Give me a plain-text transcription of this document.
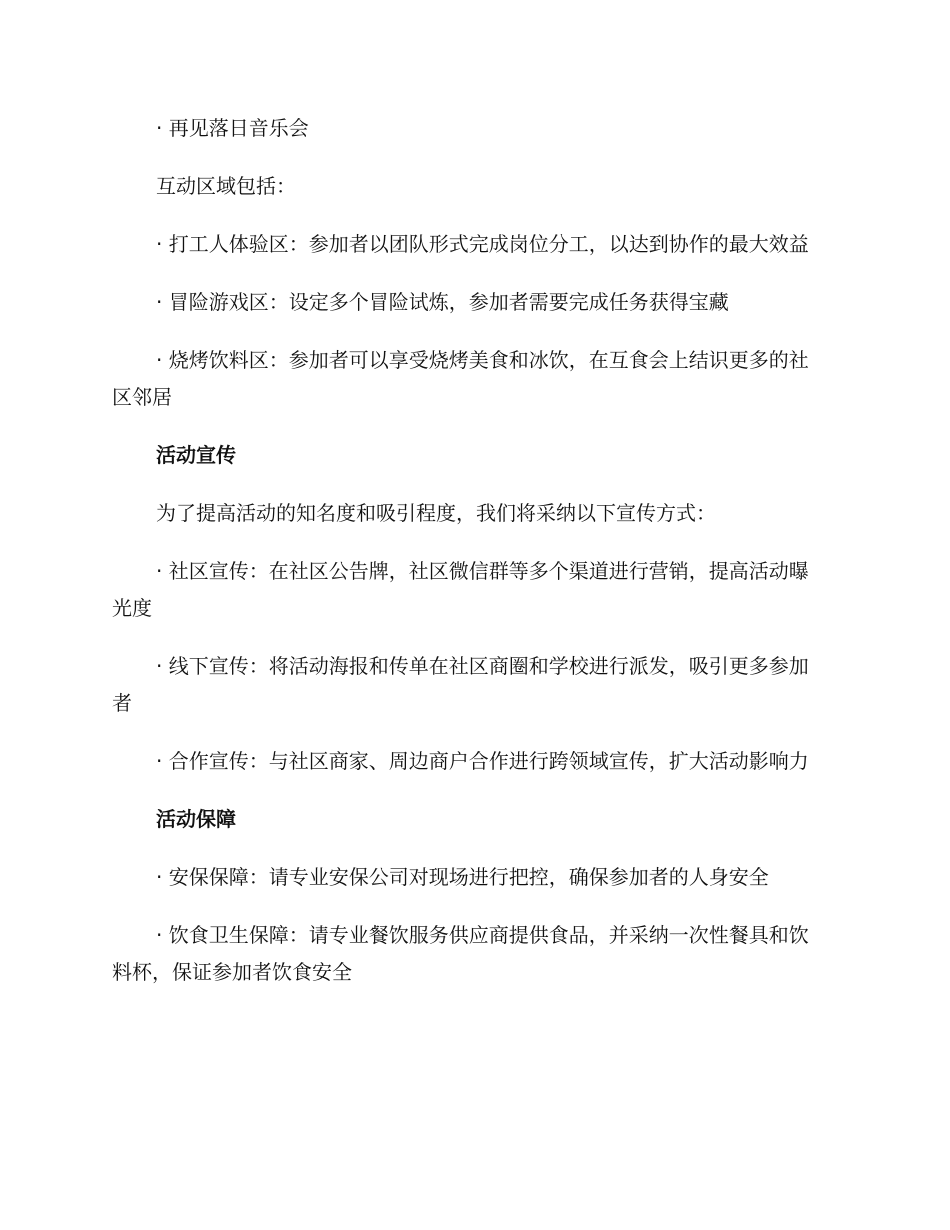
· 再见落日音乐会

互动区域包括：

· 打工人体验区：参加者以团队形式完成岗位分工，以达到协作的最大效益

· 冒险游戏区：设定多个冒险试炼，参加者需要完成任务获得宝藏

· 烧烤饮料区：参加者可以享受烧烤美食和冰饮，在互食会上结识更多的社区邻居

活动宣传

为了提高活动的知名度和吸引程度，我们将采纳以下宣传方式：

· 社区宣传：在社区公告牌，社区微信群等多个渠道进行营销，提高活动曝光度

· 线下宣传：将活动海报和传单在社区商圈和学校进行派发，吸引更多参加者

· 合作宣传：与社区商家、周边商户合作进行跨领域宣传，扩大活动影响力

活动保障

· 安保保障：请专业安保公司对现场进行把控，确保参加者的人身安全

· 饮食卫生保障：请专业餐饮服务供应商提供食品，并采纳一次性餐具和饮料杯，保证参加者饮食安全
